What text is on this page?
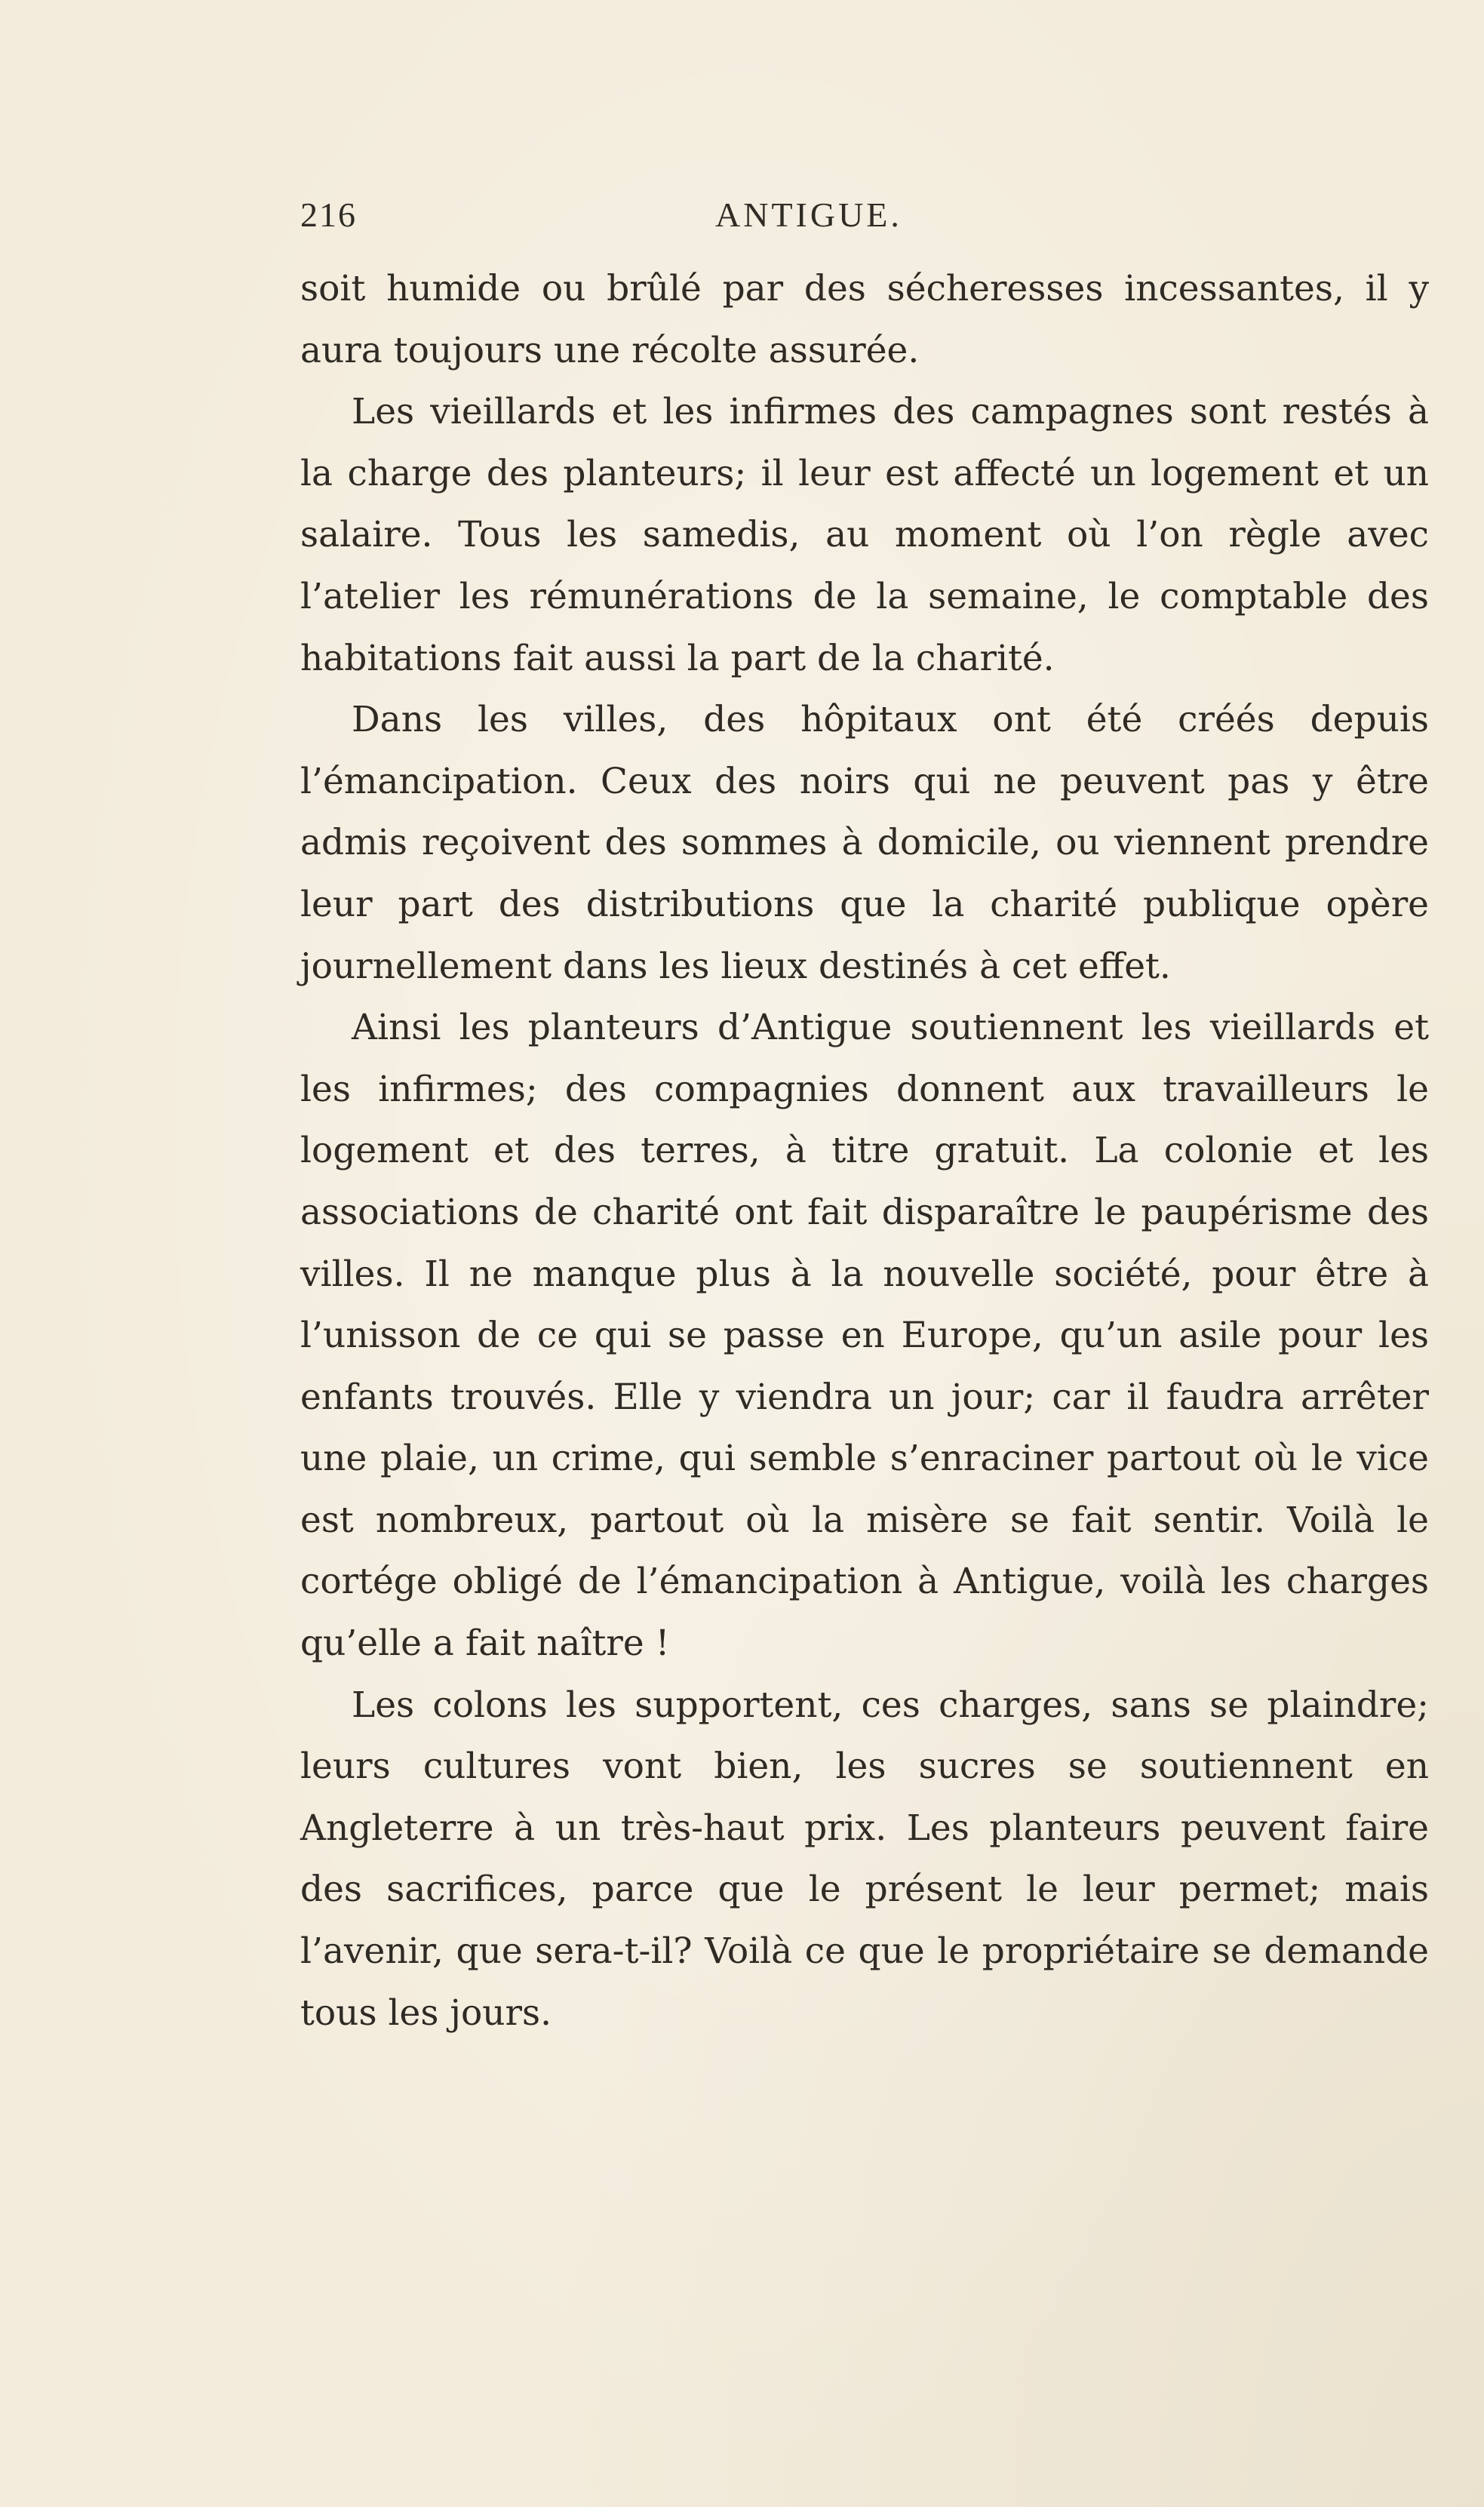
216	ANTIGUE.

soit humide ou brûlé par des sécheresses incessantes, il y aura toujours une récolte assurée.

Les vieillards et les infirmes des campagnes sont restés à la charge des planteurs; il leur est affecté un logement et un salaire. Tous les samedis, au moment où l’on règle avec l’atelier les rémunérations de la semaine, le comptable des habitations fait aussi la part de la charité.

Dans les villes, des hôpitaux ont été créés depuis l’émancipation. Ceux des noirs qui ne peuvent pas y être admis reçoivent des sommes à domicile, ou viennent prendre leur part des distributions que la charité publique opère journellement dans les lieux destinés à cet effet.

Ainsi les planteurs d’Antigue soutiennent les vieillards et les infirmes; des compagnies donnent aux travailleurs le logement et des terres, à titre gratuit. La colonie et les associations de charité ont fait disparaître le paupérisme des villes. Il ne manque plus à la nouvelle société, pour être à l’unisson de ce qui se passe en Europe, qu’un asile pour les enfants trouvés. Elle y viendra un jour; car il faudra arrêter une plaie, un crime, qui semble s’enraciner partout où le vice est nombreux, partout où la misère se fait sentir. Voilà le cortége obligé de l’émancipation à Antigue, voilà les charges qu’elle a fait naître !

Les colons les supportent, ces charges, sans se plaindre; leurs cultures vont bien, les sucres se soutiennent en Angleterre à un très-haut prix. Les planteurs peuvent faire des sacrifices, parce que le présent le leur permet; mais l’avenir, que sera-t-il? Voilà ce que le propriétaire se demande tous les jours.
